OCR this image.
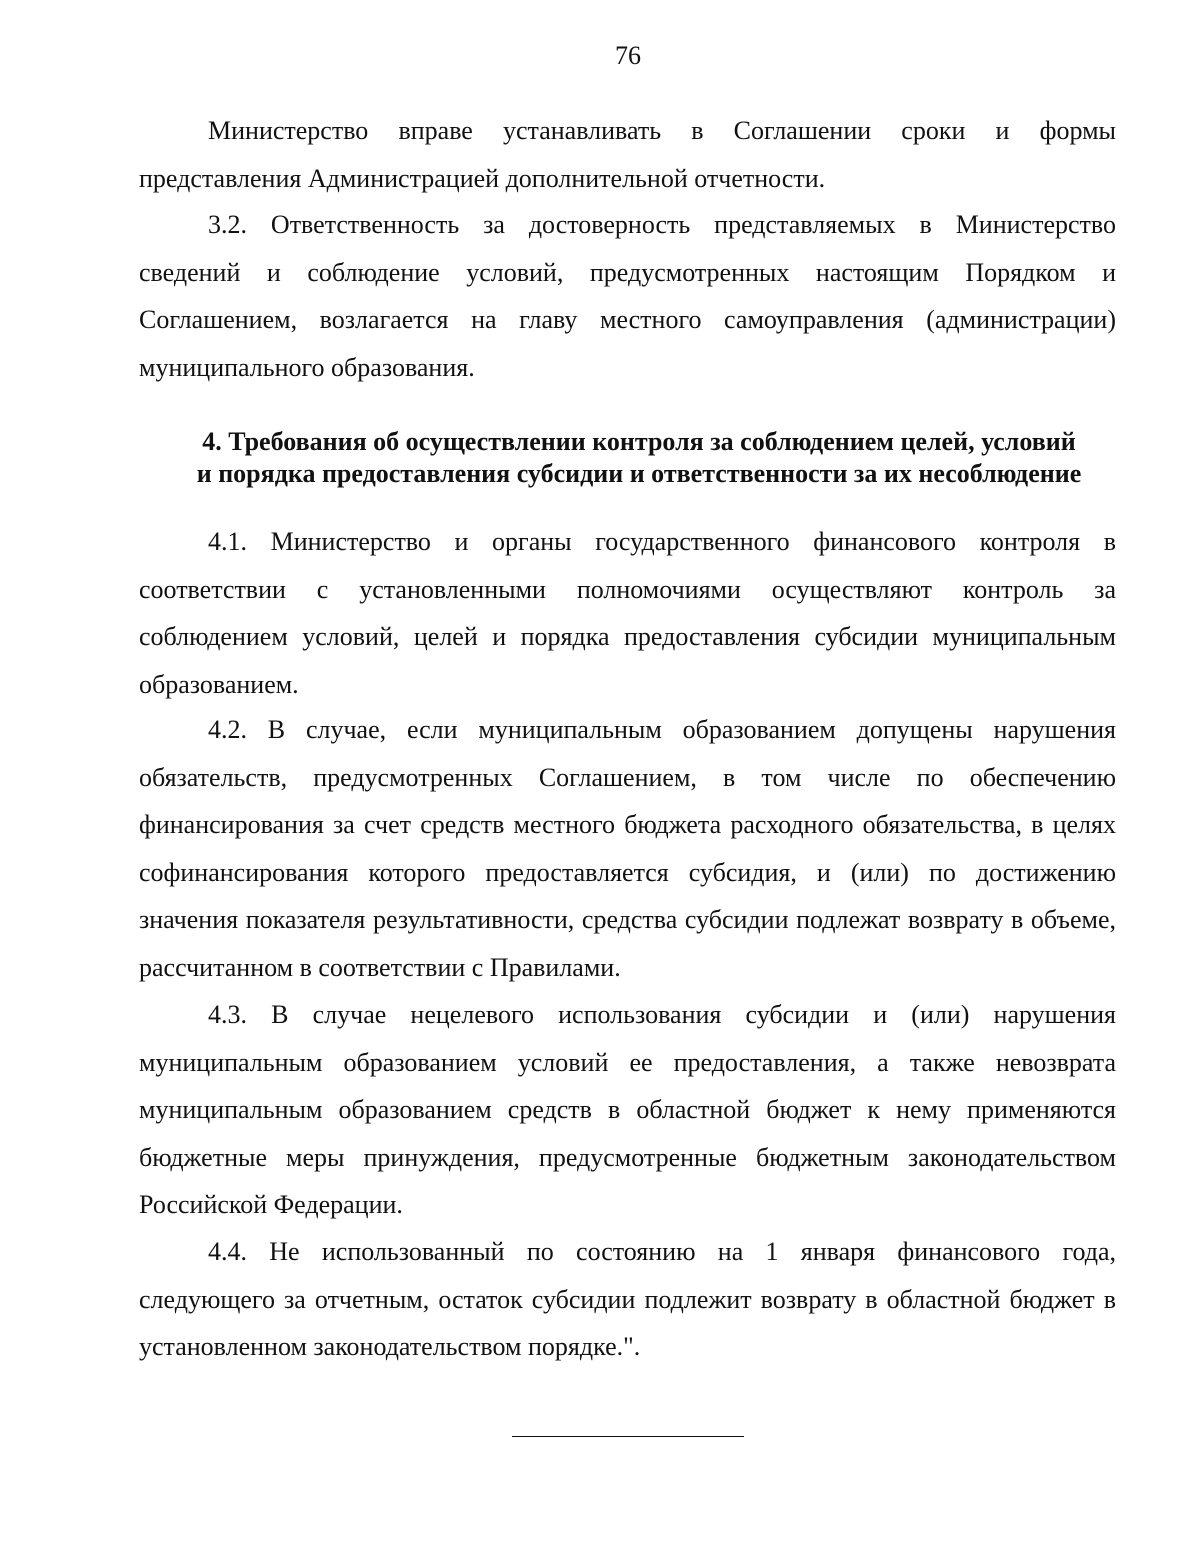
76

Министерство вправе устанавливать в Соглашении сроки и формы представления Администрацией дополнительной отчетности.

3.2. Ответственность за достоверность представляемых в Министерство сведений и соблюдение условий, предусмотренных настоящим Порядком и Соглашением, возлагается на главу местного самоуправления (администрации) муниципального образования.

4. Требования об осуществлении контроля за соблюдением целей, условий
и порядка предоставления субсидии и ответственности за их несоблюдение

4.1. Министерство и органы государственного финансового контроля в соответствии с установленными полномочиями осуществляют контроль за соблюдением условий, целей и порядка предоставления субсидии муниципальным образованием.

4.2. В случае, если муниципальным образованием допущены нарушения обязательств, предусмотренных Соглашением, в том числе по обеспечению финансирования за счет средств местного бюджета расходного обязательства, в целях софинансирования которого предоставляется субсидия, и (или) по достижению значения показателя результативности, средства субсидии подлежат возврату в объеме, рассчитанном в соответствии с Правилами.

4.3. В случае нецелевого использования субсидии и (или) нарушения муниципальным образованием условий ее предоставления, а также невозврата муниципальным образованием средств в областной бюджет к нему применяются бюджетные меры принуждения, предусмотренные бюджетным законодательством Российской Федерации.

4.4. Не использованный по состоянию на 1 января финансового года, следующего за отчетным, остаток субсидии подлежит возврату в областной бюджет в установленном законодательством порядке.".
